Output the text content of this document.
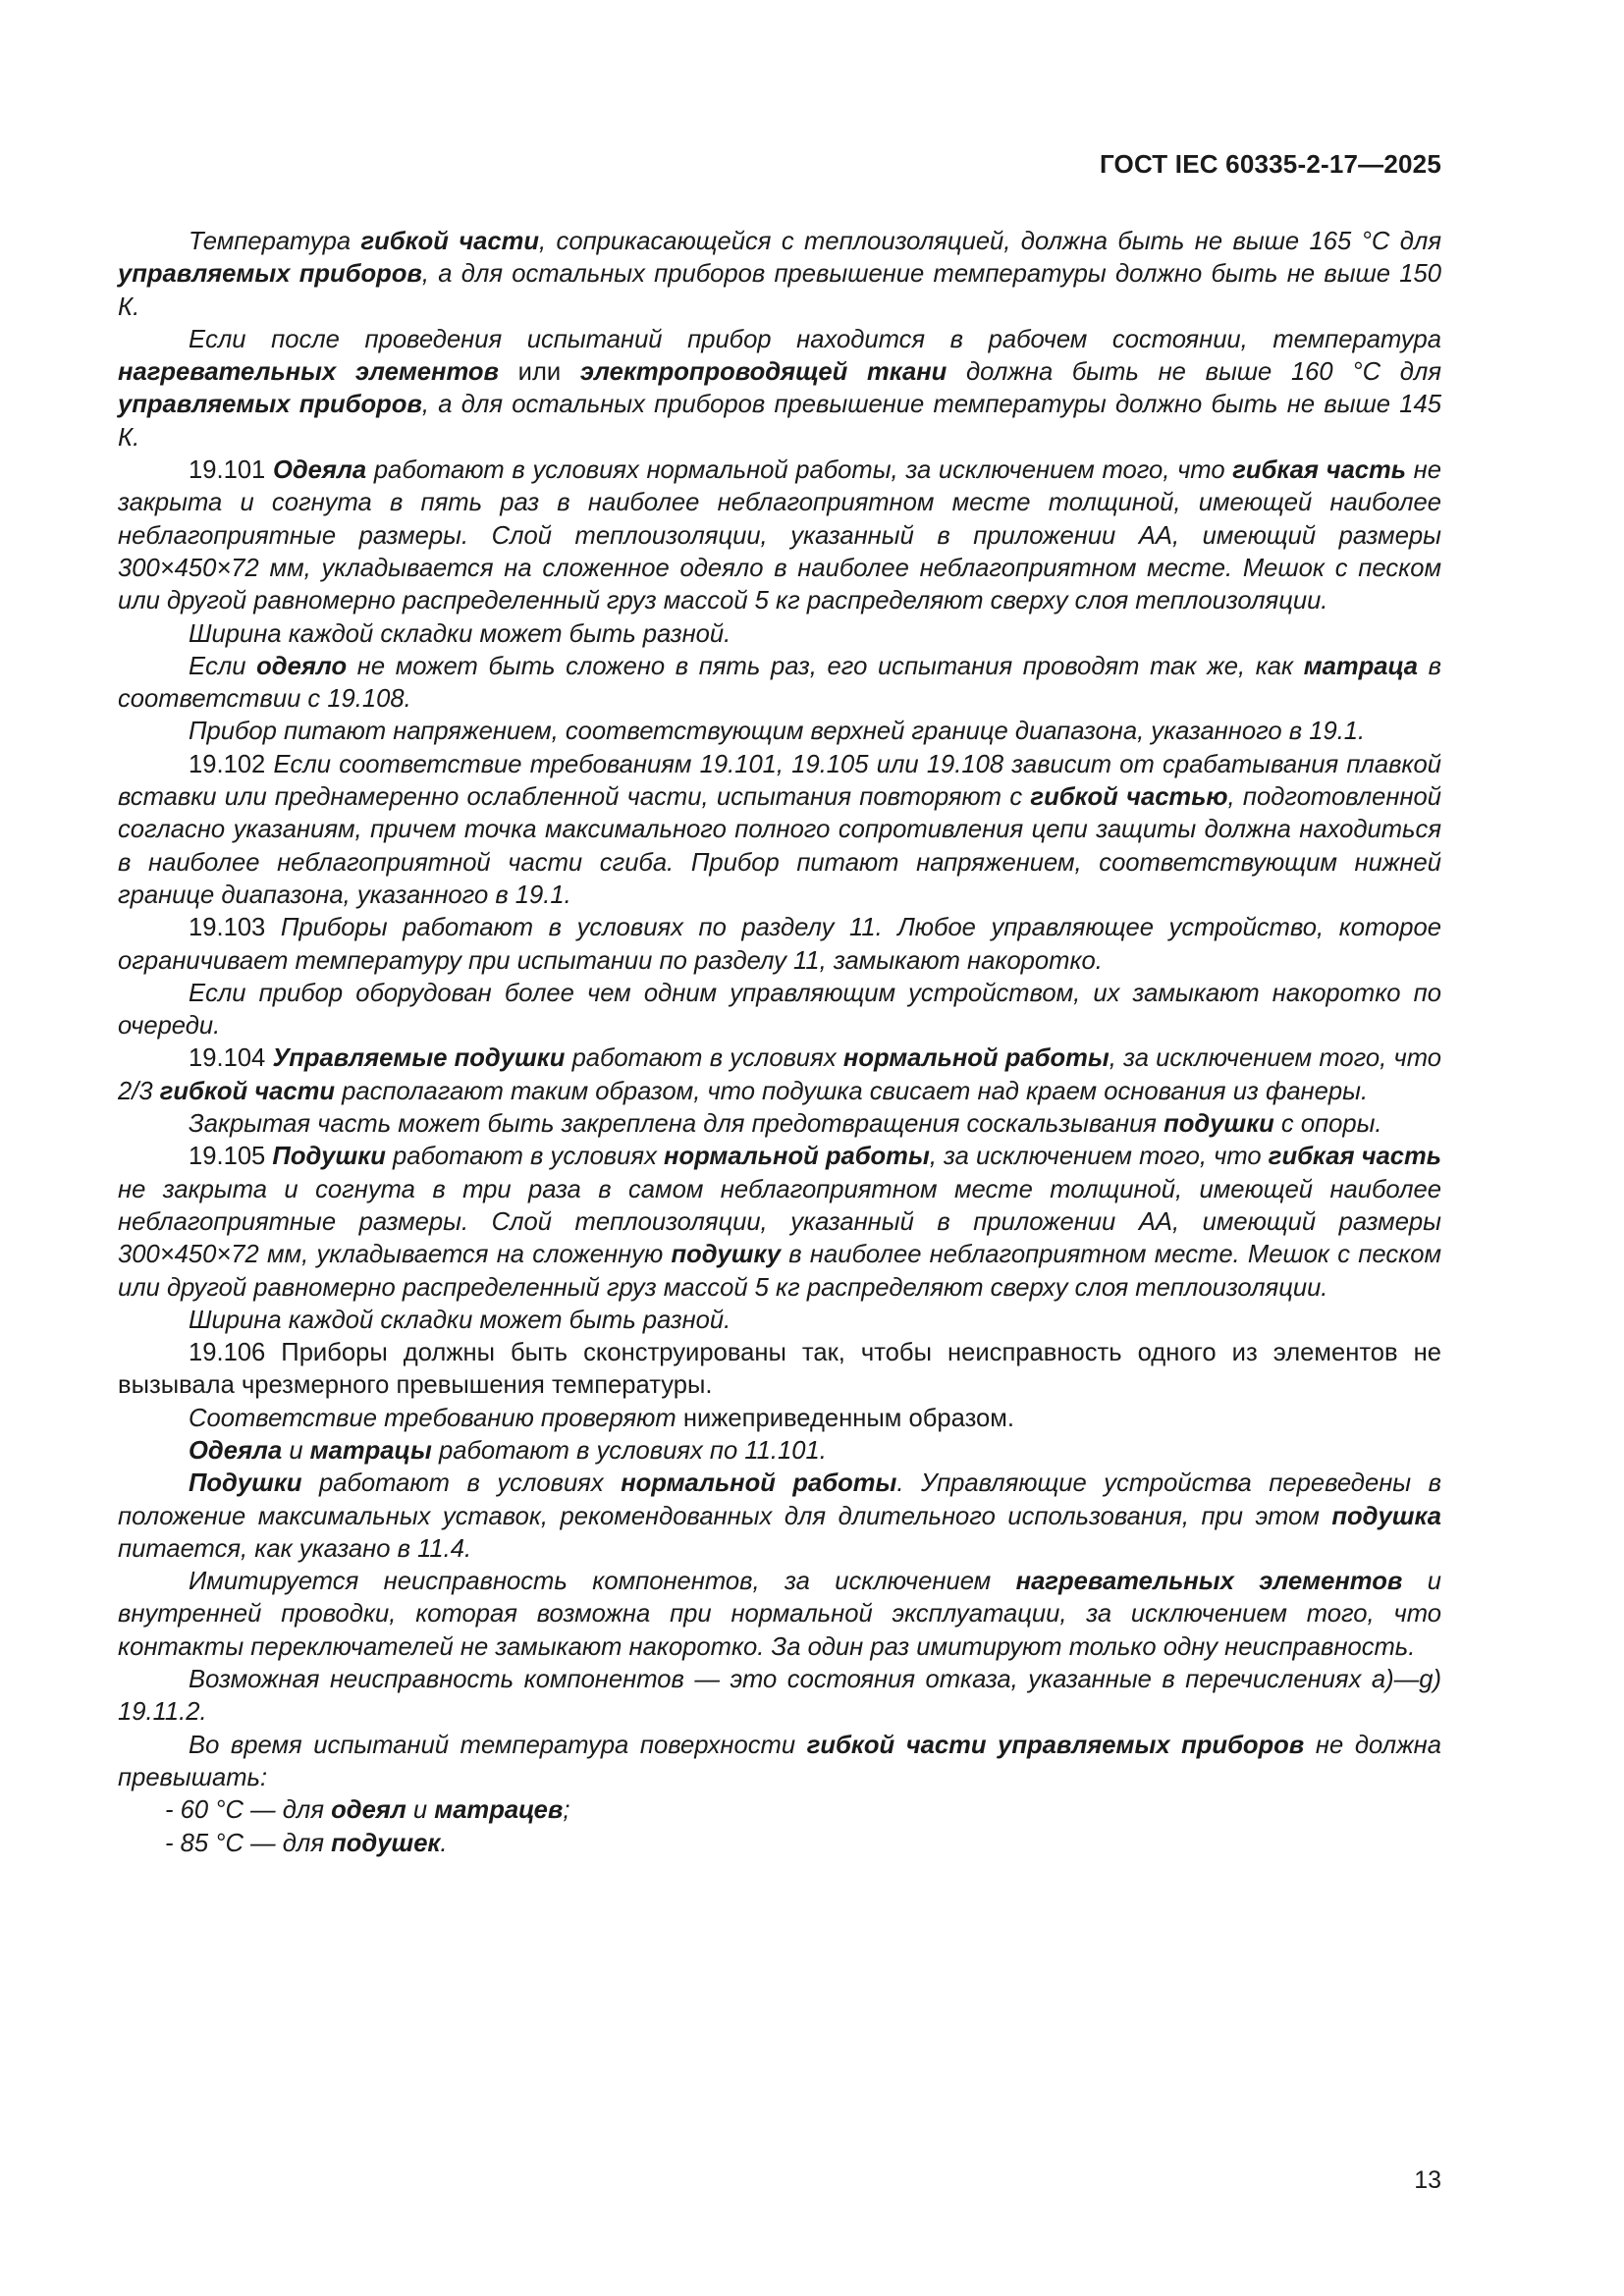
ГОСТ IEC 60335-2-17—2025

Температура гибкой части, соприкасающейся с теплоизоляцией, должна быть не выше 165 °С для управляемых приборов, а для остальных приборов превышение температуры должно быть не выше 150 К.

Если после проведения испытаний прибор находится в рабочем состоянии, температура нагревательных элементов или электропроводящей ткани должна быть не выше 160 °С для управляемых приборов, а для остальных приборов превышение температуры должно быть не выше 145 К.

19.101 Одеяла работают в условиях нормальной работы, за исключением того, что гибкая часть не закрыта и согнута в пять раз в наиболее неблагоприятном месте толщиной, имеющей наиболее неблагоприятные размеры. Слой теплоизоляции, указанный в приложении АА, имеющий размеры 300×450×72 мм, укладывается на сложенное одеяло в наиболее неблагоприятном месте. Мешок с песком или другой равномерно распределенный груз массой 5 кг распределяют сверху слоя теплоизоляции.

Ширина каждой складки может быть разной.

Если одеяло не может быть сложено в пять раз, его испытания проводят так же, как матраца в соответствии с 19.108.

Прибор питают напряжением, соответствующим верхней границе диапазона, указанного в 19.1.

19.102 Если соответствие требованиям 19.101, 19.105 или 19.108 зависит от срабатывания плавкой вставки или преднамеренно ослабленной части, испытания повторяют с гибкой частью, подготовленной согласно указаниям, причем точка максимального полного сопротивления цепи защиты должна находиться в наиболее неблагоприятной части сгиба. Прибор питают напряжением, соответствующим нижней границе диапазона, указанного в 19.1.

19.103 Приборы работают в условиях по разделу 11. Любое управляющее устройство, которое ограничивает температуру при испытании по разделу 11, замыкают накоротко.

Если прибор оборудован более чем одним управляющим устройством, их замыкают накоротко по очереди.

19.104 Управляемые подушки работают в условиях нормальной работы, за исключением того, что 2/3 гибкой части располагают таким образом, что подушка свисает над краем основания из фанеры.

Закрытая часть может быть закреплена для предотвращения соскальзывания подушки с опоры.

19.105 Подушки работают в условиях нормальной работы, за исключением того, что гибкая часть не закрыта и согнута в три раза в самом неблагоприятном месте толщиной, имеющей наиболее неблагоприятные размеры. Слой теплоизоляции, указанный в приложении АА, имеющий размеры 300×450×72 мм, укладывается на сложенную подушку в наиболее неблагоприятном месте. Мешок с песком или другой равномерно распределенный груз массой 5 кг распределяют сверху слоя теплоизоляции.

Ширина каждой складки может быть разной.

19.106 Приборы должны быть сконструированы так, чтобы неисправность одного из элементов не вызывала чрезмерного превышения температуры.

Соответствие требованию проверяют нижеприведенным образом.

Одеяла и матрацы работают в условиях по 11.101.

Подушки работают в условиях нормальной работы. Управляющие устройства переведены в положение максимальных уставок, рекомендованных для длительного использования, при этом подушка питается, как указано в 11.4.

Имитируется неисправность компонентов, за исключением нагревательных элементов и внутренней проводки, которая возможна при нормальной эксплуатации, за исключением того, что контакты переключателей не замыкают накоротко. За один раз имитируют только одну неисправность.

Возможная неисправность компонентов — это состояния отказа, указанные в перечислениях а)—g) 19.11.2.

Во время испытаний температура поверхности гибкой части управляемых приборов не должна превышать:

- 60 °С — для одеял и матрацев;

- 85 °С — для подушек.

13
